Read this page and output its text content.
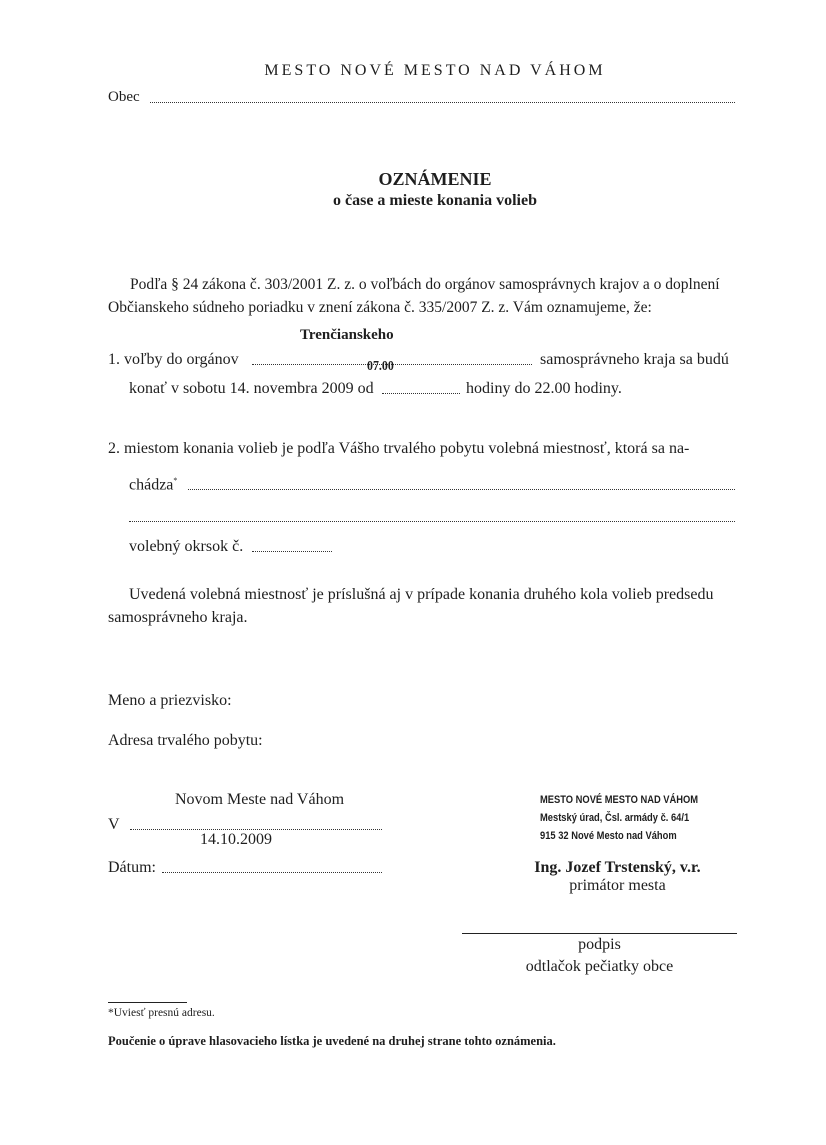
MESTO NOVÉ MESTO NAD VÁHOM
Obec
OZNÁMENIE
o čase a mieste konania volieb
Podľa § 24 zákona č. 303/2001 Z. z. o voľbách do orgánov samosprávnych krajov a o doplnení
Občianskeho súdneho poriadku v znení zákona č. 335/2007 Z. z. Vám oznamujeme, že:
Trenčianskeho
1. voľby do orgánov	samosprávneho kraja sa budú
07.00
konať v sobotu 14. novembra 2009 od	hodiny do 22.00 hodiny.
2. miestom konania volieb je podľa Vášho trvalého pobytu volebná miestnosť, ktorá sa na-
chádza*
volebný okrsok č.
Uvedená volebná miestnosť je príslušná aj v prípade konania druhého kola volieb predsedu
samosprávneho kraja.
Meno a priezvisko:
Adresa trvalého pobytu:
Novom Meste nad Váhom
V
14.10.2009
Dátum:
MESTO NOVÉ MESTO NAD VÁHOM
Mestský úrad, Čsl. armády č. 64/1
915 32 Nové Mesto nad Váhom
Ing. Jozef Trstenský, v.r.
primátor mesta
podpis
odtlačok pečiatky obce
*Uviesť presnú adresu.
Poučenie o úprave hlasovacieho lístka je uvedené na druhej strane tohto oznámenia.
